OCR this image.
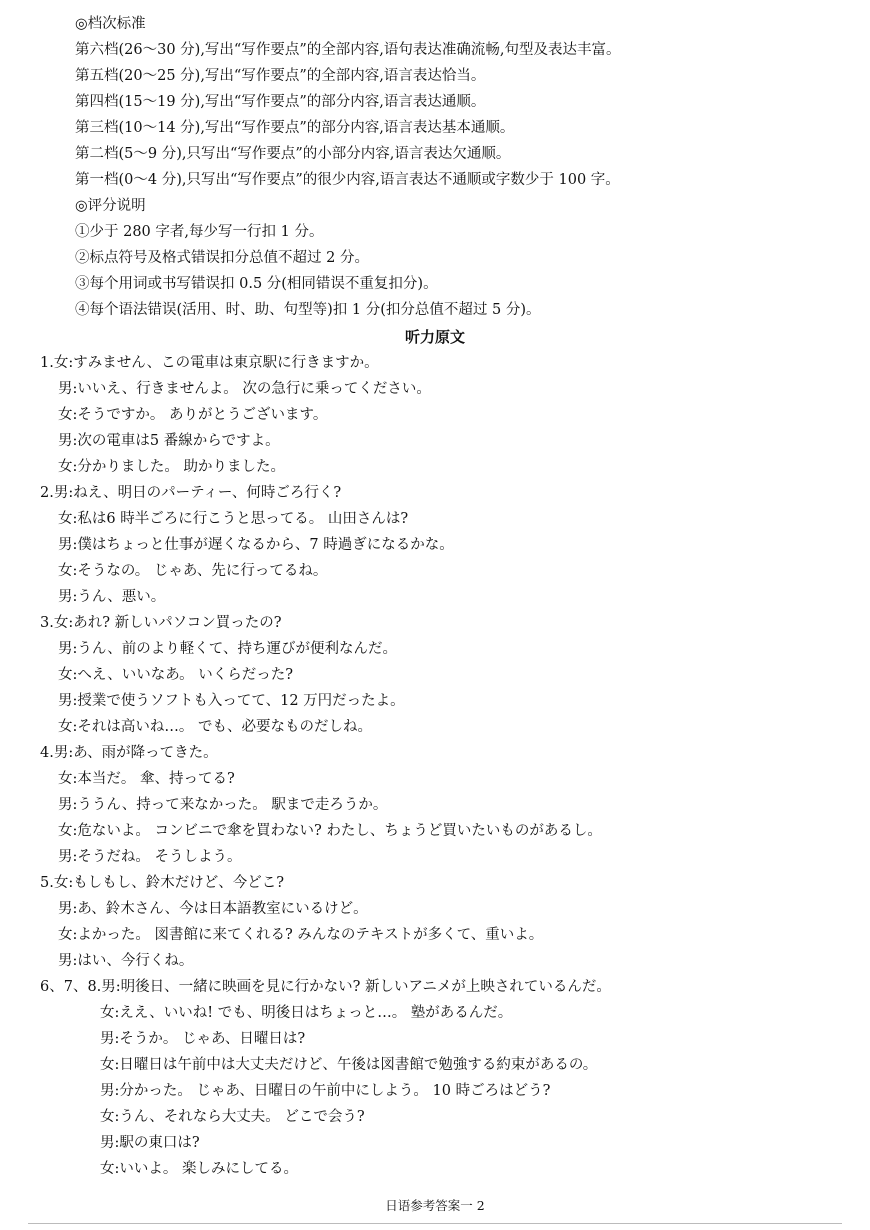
◎档次标准
第六档(26～30 分),写出“写作要点”的全部内容,语句表达准确流畅,句型及表达丰富。
第五档(20～25 分),写出“写作要点”的全部内容,语言表达恰当。
第四档(15～19 分),写出“写作要点”的部分内容,语言表达通顺。
第三档(10～14 分),写出“写作要点”的部分内容,语言表达基本通顺。
第二档(5～9 分),只写出“写作要点”的小部分内容,语言表达欠通顺。
第一档(0～4 分),只写出“写作要点”的很少内容,语言表达不通顺或字数少于 100 字。
◎评分说明
①少于 280 字者,每少写一行扣 1 分。
②标点符号及格式错误扣分总值不超过 2 分。
③每个用词或书写错误扣 0.5 分(相同错误不重复扣分)。
④每个语法错误(活用、时、助、句型等)扣 1 分(扣分总值不超过 5 分)。
听力原文
1.女:すみません、この電車は東京駅に行きますか。
男:いいえ、行きませんよ。 次の急行に乗ってください。
女:そうですか。 ありがとうございます。
男:次の電車は5 番線からですよ。
女:分かりました。 助かりました。
2.男:ねえ、明日のパーティー、何時ごろ行く?
女:私は6 時半ごろに行こうと思ってる。 山田さんは?
男:僕はちょっと仕事が遅くなるから、7 時過ぎになるかな。
女:そうなの。 じゃあ、先に行ってるね。
男:うん、悪い。
3.女:あれ? 新しいパソコン買ったの?
男:うん、前のより軽くて、持ち運びが便利なんだ。
女:へえ、いいなあ。 いくらだった?
男:授業で使うソフトも入ってて、12 万円だったよ。
女:それは高いね…。 でも、必要なものだしね。
4.男:あ、雨が降ってきた。
女:本当だ。 傘、持ってる?
男:ううん、持って来なかった。 駅まで走ろうか。
女:危ないよ。 コンビニで傘を買わない? わたし、ちょうど買いたいものがあるし。
男:そうだね。 そうしよう。
5.女:もしもし、鈴木だけど、今どこ?
男:あ、鈴木さん、今は日本語教室にいるけど。
女:よかった。 図書館に来てくれる? みんなのテキストが多くて、重いよ。
男:はい、今行くね。
6、7、8.男:明後日、一緒に映画を見に行かない? 新しいアニメが上映されているんだ。
女:ええ、いいね! でも、明後日はちょっと…。 塾があるんだ。
男:そうか。 じゃあ、日曜日は?
女:日曜日は午前中は大丈夫だけど、午後は図書館で勉強する約束があるの。
男:分かった。 じゃあ、日曜日の午前中にしよう。 10 時ごろはどう?
女:うん、それなら大丈夫。 どこで会う?
男:駅の東口は?
女:いいよ。 楽しみにしてる。
日语参考答案一 2
